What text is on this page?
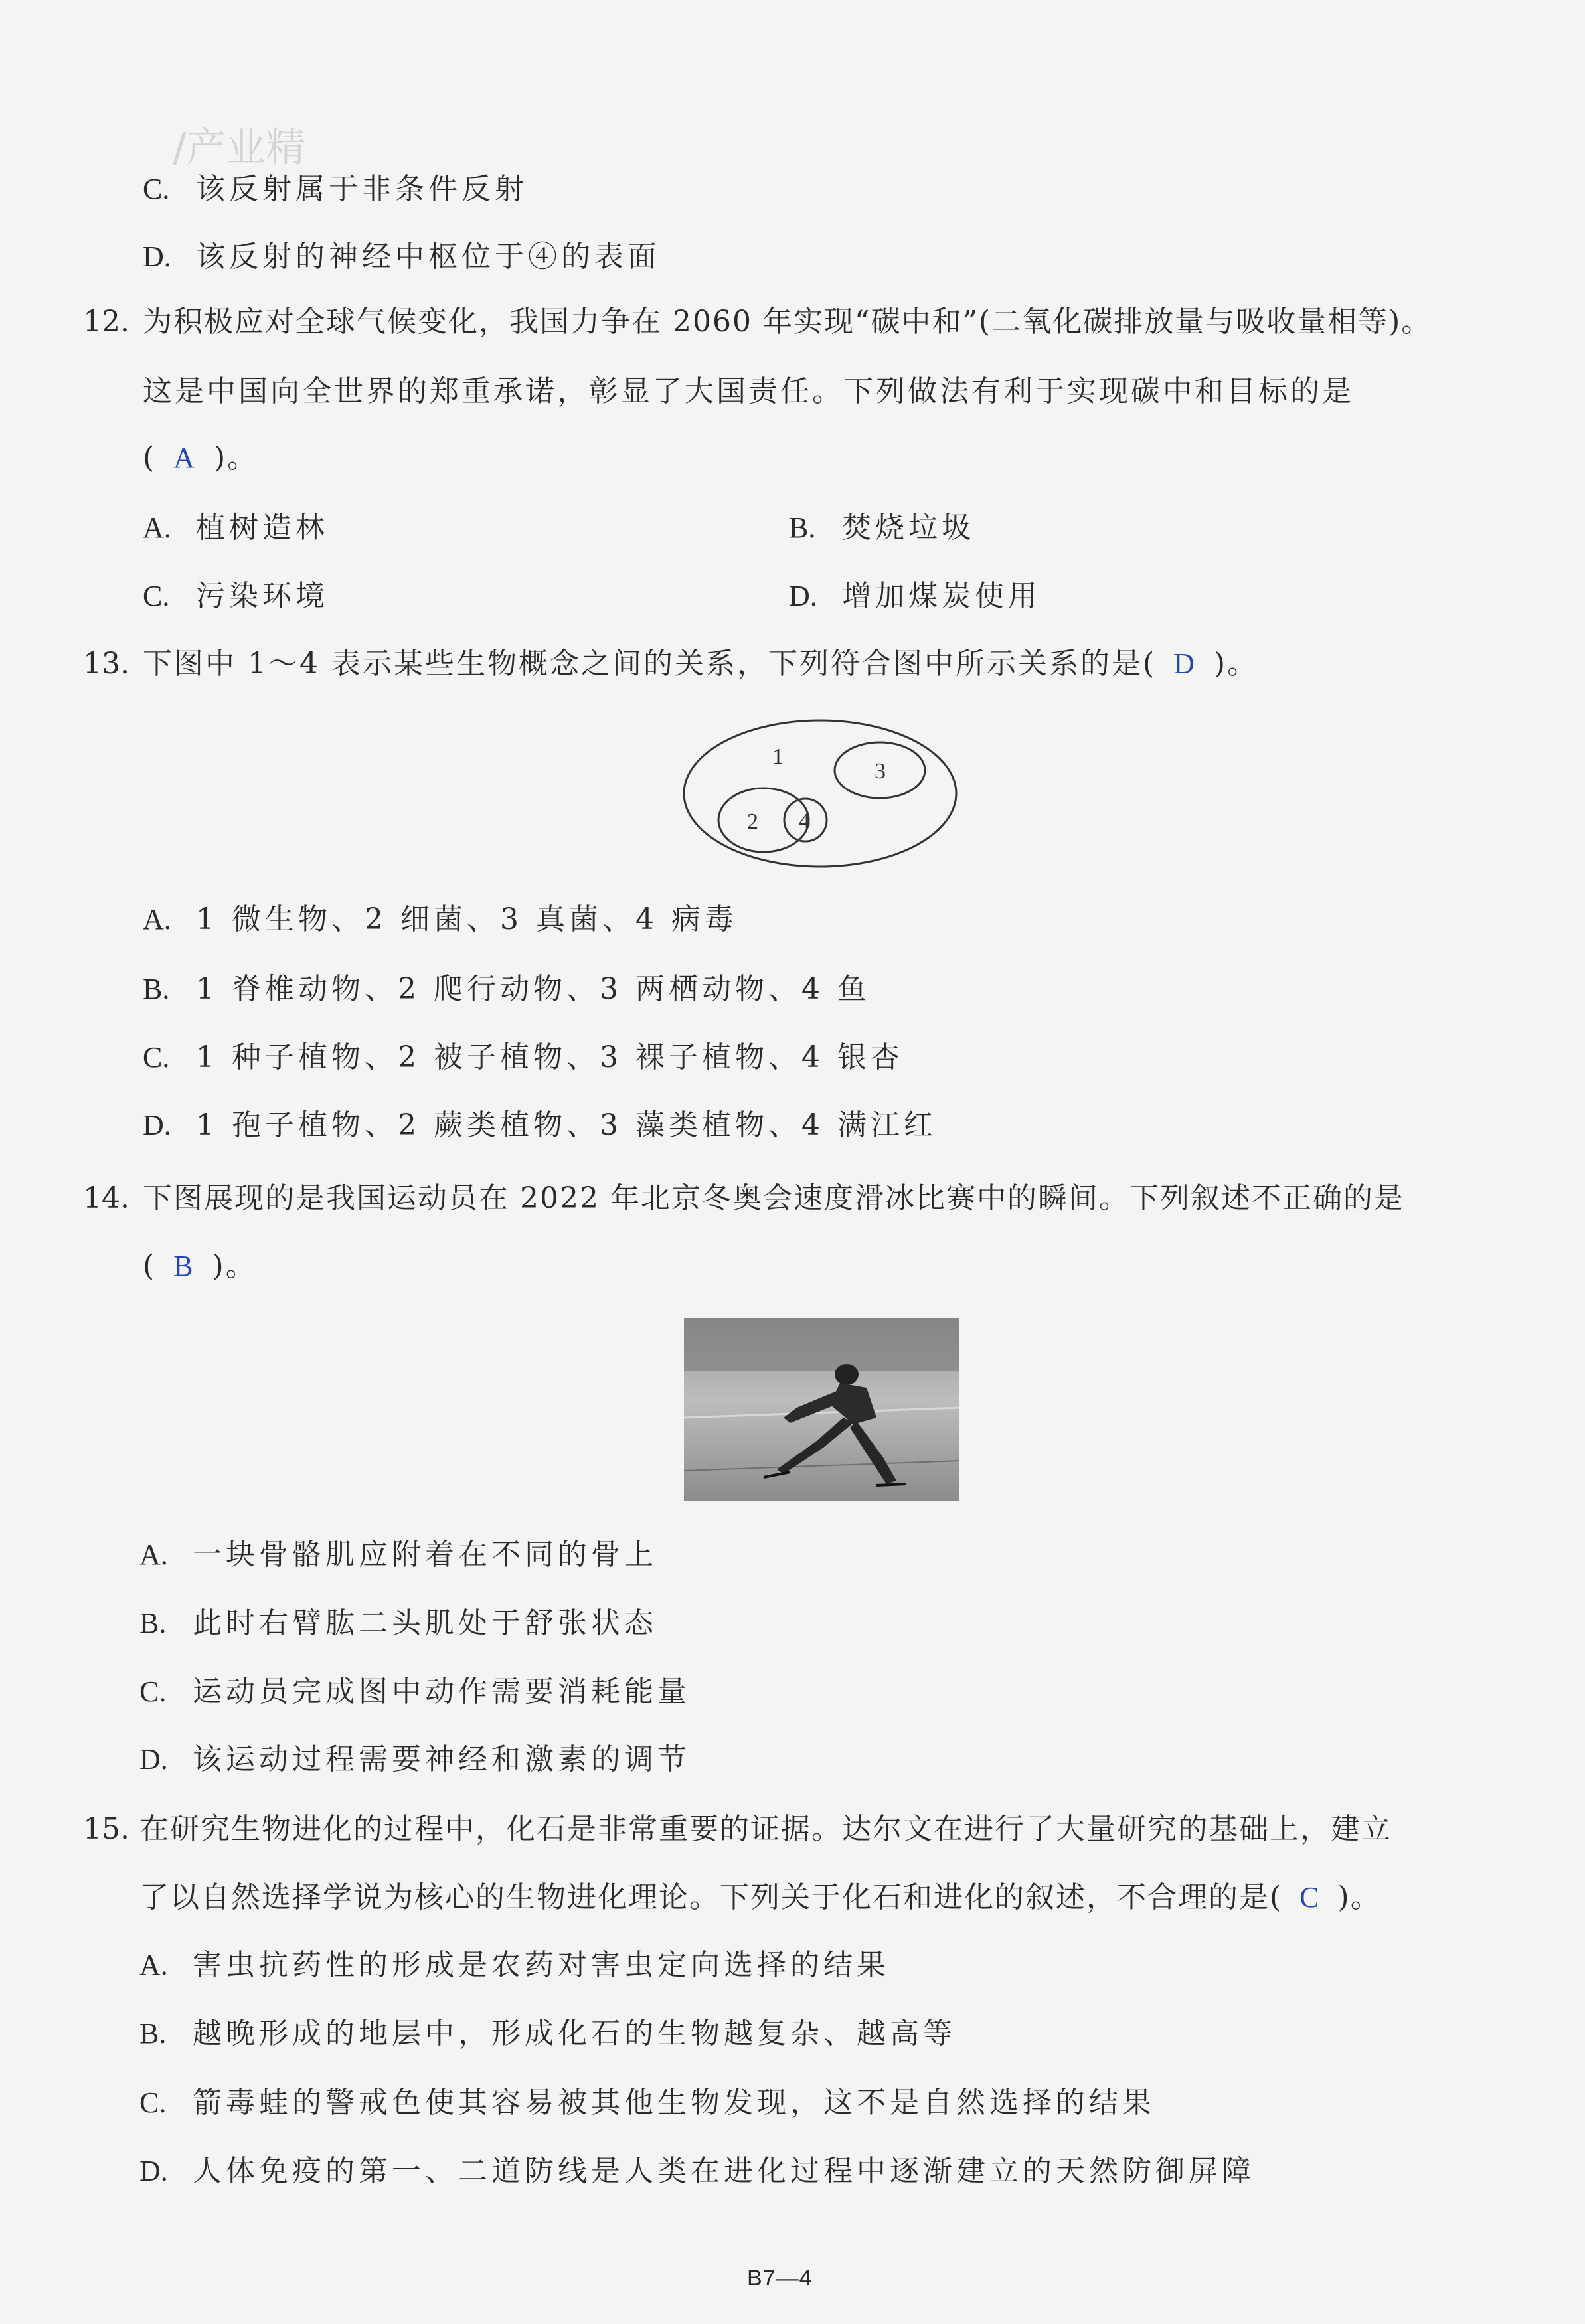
/产业精
C. 该反射属于非条件反射
D. 该反射的神经中枢位于④的表面
12. 为积极应对全球气候变化，我国力争在 2060 年实现“碳中和”(二氧化碳排放量与吸收量相等)。
这是中国向全世界的郑重承诺，彰显了大国责任。下列做法有利于实现碳中和目标的是
( A )。
A. 植树造林	B. 焚烧垃圾
C. 污染环境	D. 增加煤炭使用
13. 下图中 1～4 表示某些生物概念之间的关系，下列符合图中所示关系的是( D )。
1
2
3
4
A. 1 微生物、2 细菌、3 真菌、4 病毒
B. 1 脊椎动物、2 爬行动物、3 两栖动物、4 鱼
C. 1 种子植物、2 被子植物、3 裸子植物、4 银杏
D. 1 孢子植物、2 蕨类植物、3 藻类植物、4 满江红
14. 下图展现的是我国运动员在 2022 年北京冬奥会速度滑冰比赛中的瞬间。下列叙述不正确的是
( B )。
A. 一块骨骼肌应附着在不同的骨上
B. 此时右臂肱二头肌处于舒张状态
C. 运动员完成图中动作需要消耗能量
D. 该运动过程需要神经和激素的调节
15. 在研究生物进化的过程中，化石是非常重要的证据。达尔文在进行了大量研究的基础上，建立
了以自然选择学说为核心的生物进化理论。下列关于化石和进化的叙述，不合理的是( C )。
A. 害虫抗药性的形成是农药对害虫定向选择的结果
B. 越晚形成的地层中，形成化石的生物越复杂、越高等
C. 箭毒蛙的警戒色使其容易被其他生物发现，这不是自然选择的结果
D. 人体免疫的第一、二道防线是人类在进化过程中逐渐建立的天然防御屏障
B7—4
